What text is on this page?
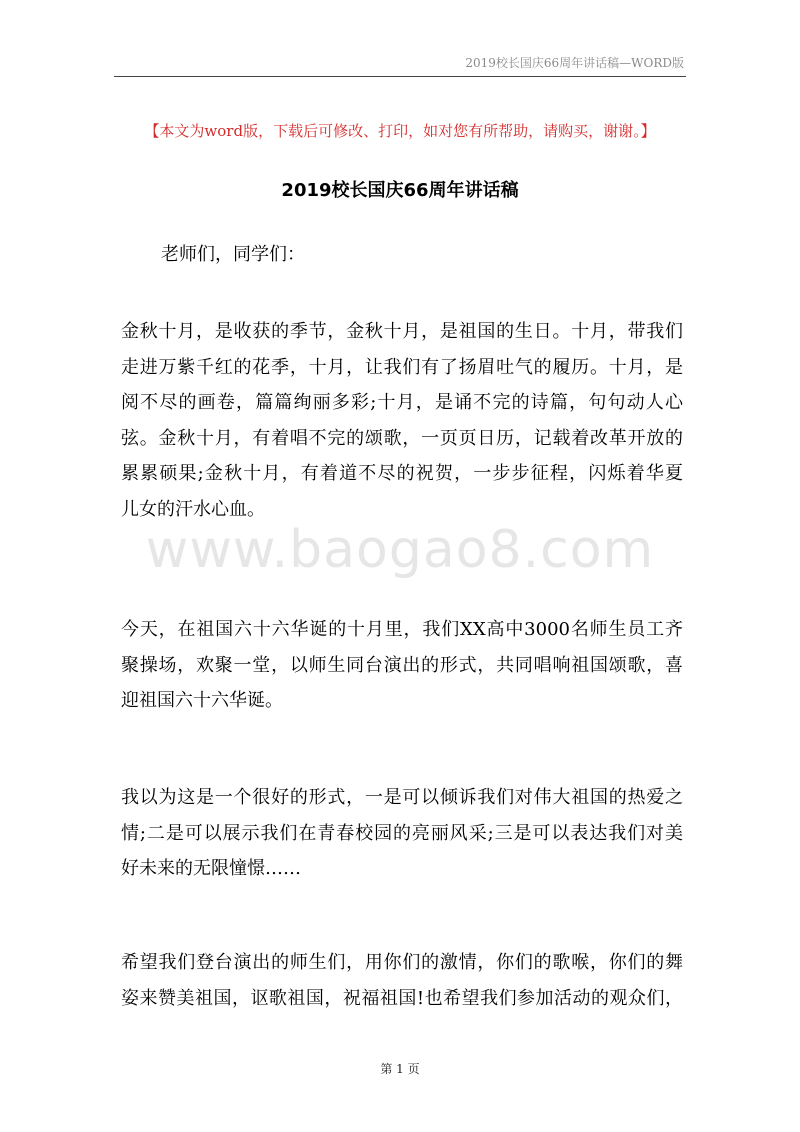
2019校长国庆66周年讲话稿—WORD版
【本文为word版，下载后可修改、打印，如对您有所帮助，请购买，谢谢。】
2019校长国庆66周年讲话稿
老师们，同学们：
金秋十月，是收获的季节，金秋十月，是祖国的生日。十月，带我们
走进万紫千红的花季，十月，让我们有了扬眉吐气的履历。十月，是
阅不尽的画卷，篇篇绚丽多彩;十月，是诵不完的诗篇，句句动人心
弦。金秋十月，有着唱不完的颂歌，一页页日历，记载着改革开放的
累累硕果;金秋十月，有着道不尽的祝贺，一步步征程，闪烁着华夏
儿女的汗水心血。
www.baogao8.com
今天，在祖国六十六华诞的十月里，我们XX高中3000名师生员工齐
聚操场，欢聚一堂，以师生同台演出的形式，共同唱响祖国颂歌，喜
迎祖国六十六华诞。
我以为这是一个很好的形式，一是可以倾诉我们对伟大祖国的热爱之
情;二是可以展示我们在青春校园的亮丽风采;三是可以表达我们对美
好未来的无限憧憬……
希望我们登台演出的师生们，用你们的激情，你们的歌喉，你们的舞
姿来赞美祖国，讴歌祖国，祝福祖国!也希望我们参加活动的观众们，
第 1 页
